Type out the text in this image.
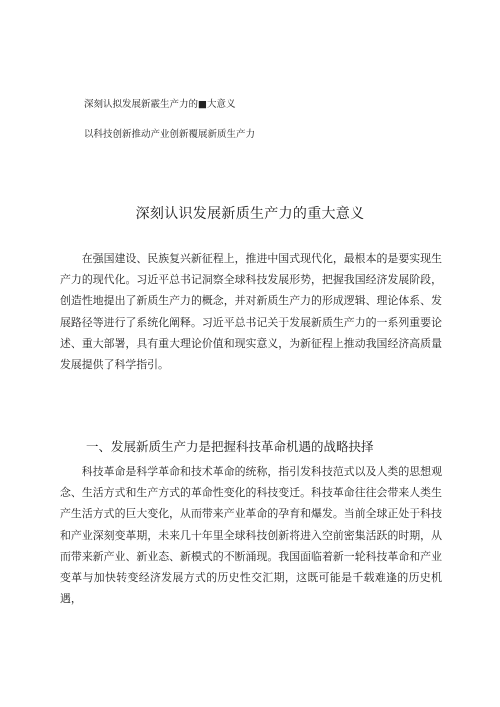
深刻认拟发展新霰生产力的■大意义
以科技创新推动产业创新覆展新质生产力
深刻认识发展新质生产力的重大意义

在强国建设、民族复兴新征程上，推进中国式现代化，最根本的是要实现生产力的现代化。习近平总书记洞察全球科技发展形势，把握我国经济发展阶段，创造性地提出了新质生产力的概念，并对新质生产力的形成逻辑、理论体系、发展路径等进行了系统化阐释。习近平总书记关于发展新质生产力的一系列重要论述、重大部署，具有重大理论价值和现实意义，为新征程上推动我国经济高质量发展提供了科学指引。

一、发展新质生产力是把握科技革命机遇的战略抉择

科技革命是科学革命和技术革命的统称，指引发科技范式以及人类的思想观念、生活方式和生产方式的革命性变化的科技变迁。科技革命往往会带来人类生产生活方式的巨大变化，从而带来产业革命的孕育和爆发。当前全球正处于科技和产业深刻变革期，未来几十年里全球科技创新将进入空前密集活跃的时期，从而带来新产业、新业态、新模式的不断涌现。我国面临着新一轮科技革命和产业变革与加快转变经济发展方式的历史性交汇期，这既可能是千载难逢的历史机遇，
